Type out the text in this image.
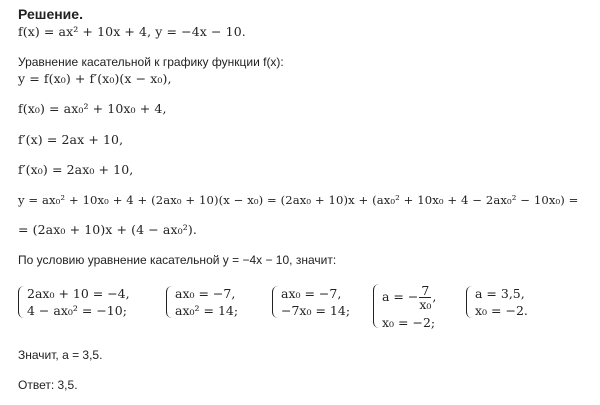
Решение.
f(x) = ax² + 10x + 4, y = −4x − 10.
Уравнение касательной к графику функции f(x):
y = f(x₀) + f′(x₀)(x − x₀),
f(x₀) = ax₀² + 10x₀ + 4,
f′(x) = 2ax + 10,
f′(x₀) = 2ax₀ + 10,
y = ax₀² + 10x₀ + 4 + (2ax₀ + 10)(x − x₀) = (2ax₀ + 10)x + (ax₀² + 10x₀ + 4 − 2ax₀² − 10x₀) =
= (2ax₀ + 10)x + (4 − ax₀²).
По условию уравнение касательной y = −4x − 10, значит:
2ax₀ + 10 = −4,
4 − ax₀² = −10;
ax₀ = −7,
ax₀² = 14;
ax₀ = −7,
−7x₀ = 14;
a = − $\frac{7}{\text{x₀}}$ ,
x₀ = −2;
a = 3,5,
x₀ = −2.
Значит, a = 3,5.
Ответ: 3,5.
